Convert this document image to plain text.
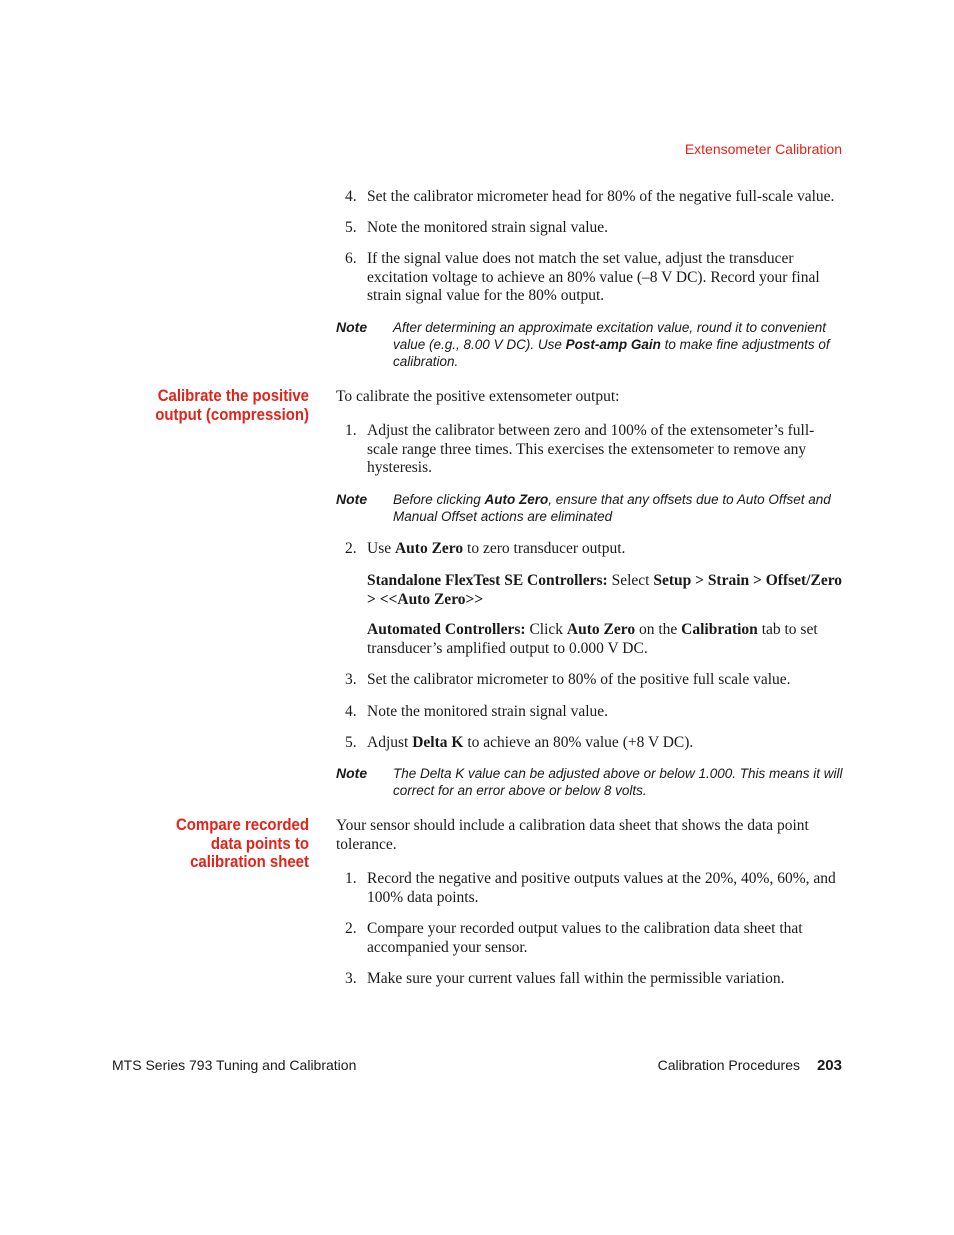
Extensometer Calibration
4. Set the calibrator micrometer head for 80% of the negative full-scale value.
5. Note the monitored strain signal value.
6. If the signal value does not match the set value, adjust the transducer excitation voltage to achieve an 80% value (–8 V DC). Record your final strain signal value for the 80% output.
Note After determining an approximate excitation value, round it to convenient value (e.g., 8.00 V DC). Use Post-amp Gain to make fine adjustments of calibration.
Calibrate the positive output (compression)
To calibrate the positive extensometer output:
1. Adjust the calibrator between zero and 100% of the extensometer’s full-scale range three times. This exercises the extensometer to remove any hysteresis.
Note Before clicking Auto Zero, ensure that any offsets due to Auto Offset and Manual Offset actions are eliminated
2. Use Auto Zero to zero transducer output.
Standalone FlexTest SE Controllers: Select Setup > Strain > Offset/Zero > <<Auto Zero>>
Automated Controllers: Click Auto Zero on the Calibration tab to set transducer’s amplified output to 0.000 V DC.
3. Set the calibrator micrometer to 80% of the positive full scale value.
4. Note the monitored strain signal value.
5. Adjust Delta K to achieve an 80% value (+8 V DC).
Note The Delta K value can be adjusted above or below 1.000. This means it will correct for an error above or below 8 volts.
Compare recorded data points to calibration sheet
Your sensor should include a calibration data sheet that shows the data point tolerance.
1. Record the negative and positive outputs values at the 20%, 40%, 60%, and 100% data points.
2. Compare your recorded output values to the calibration data sheet that accompanied your sensor.
3. Make sure your current values fall within the permissible variation.
MTS Series 793 Tuning and Calibration	Calibration Procedures	203
